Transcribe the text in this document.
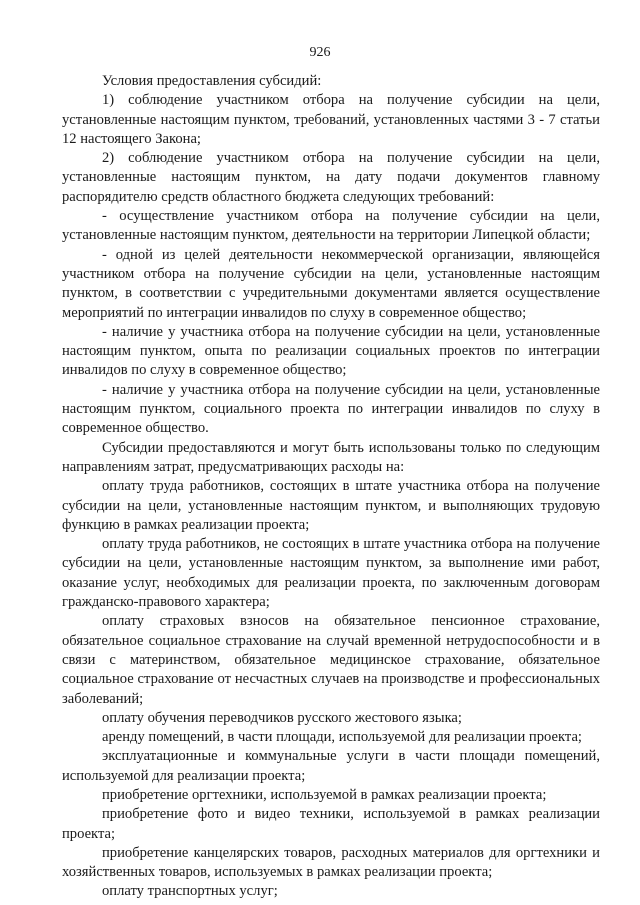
926

Условия предоставления субсидий:

1) соблюдение участником отбора на получение субсидии на цели, установленные настоящим пунктом, требований, установленных частями 3 - 7 статьи 12 настоящего Закона;

2) соблюдение участником отбора на получение субсидии на цели, установленные настоящим пунктом, на дату подачи документов главному распорядителю средств областного бюджета следующих требований:

- осуществление участником отбора на получение субсидии на цели, установленные настоящим пунктом, деятельности на территории Липецкой области;

- одной из целей деятельности некоммерческой организации, являющейся участником отбора на получение субсидии на цели, установленные настоящим пунктом, в соответствии с учредительными документами является осуществление мероприятий по интеграции инвалидов по слуху в современное общество;

- наличие у участника отбора на получение субсидии на цели, установленные настоящим пунктом, опыта по реализации социальных проектов по интеграции инвалидов по слуху в современное общество;

- наличие у участника отбора на получение субсидии на цели, установленные настоящим пунктом, социального проекта по интеграции инвалидов по слуху в современное общество.

Субсидии предоставляются и могут быть использованы только по следующим направлениям затрат, предусматривающих расходы на:

оплату труда работников, состоящих в штате участника отбора на получение субсидии на цели, установленные настоящим пунктом, и выполняющих трудовую функцию в рамках реализации проекта;

оплату труда работников, не состоящих в штате участника отбора на получение субсидии на цели, установленные настоящим пунктом, за выполнение ими работ, оказание услуг, необходимых для реализации проекта, по заключенным договорам гражданско-правового характера;

оплату страховых взносов на обязательное пенсионное страхование, обязательное социальное страхование на случай временной нетрудоспособности и в связи с материнством, обязательное медицинское страхование, обязательное социальное страхование от несчастных случаев на производстве и профессиональных заболеваний;

оплату обучения переводчиков русского жестового языка;

аренду помещений, в части площади, используемой для реализации проекта;

эксплуатационные и коммунальные услуги в части площади помещений, используемой для реализации проекта;

приобретение оргтехники, используемой в рамках реализации проекта;

приобретение фото и видео техники, используемой в рамках реализации проекта;

приобретение канцелярских товаров, расходных материалов для оргтехники и хозяйственных товаров, используемых в рамках реализации проекта;

оплату транспортных услуг;
